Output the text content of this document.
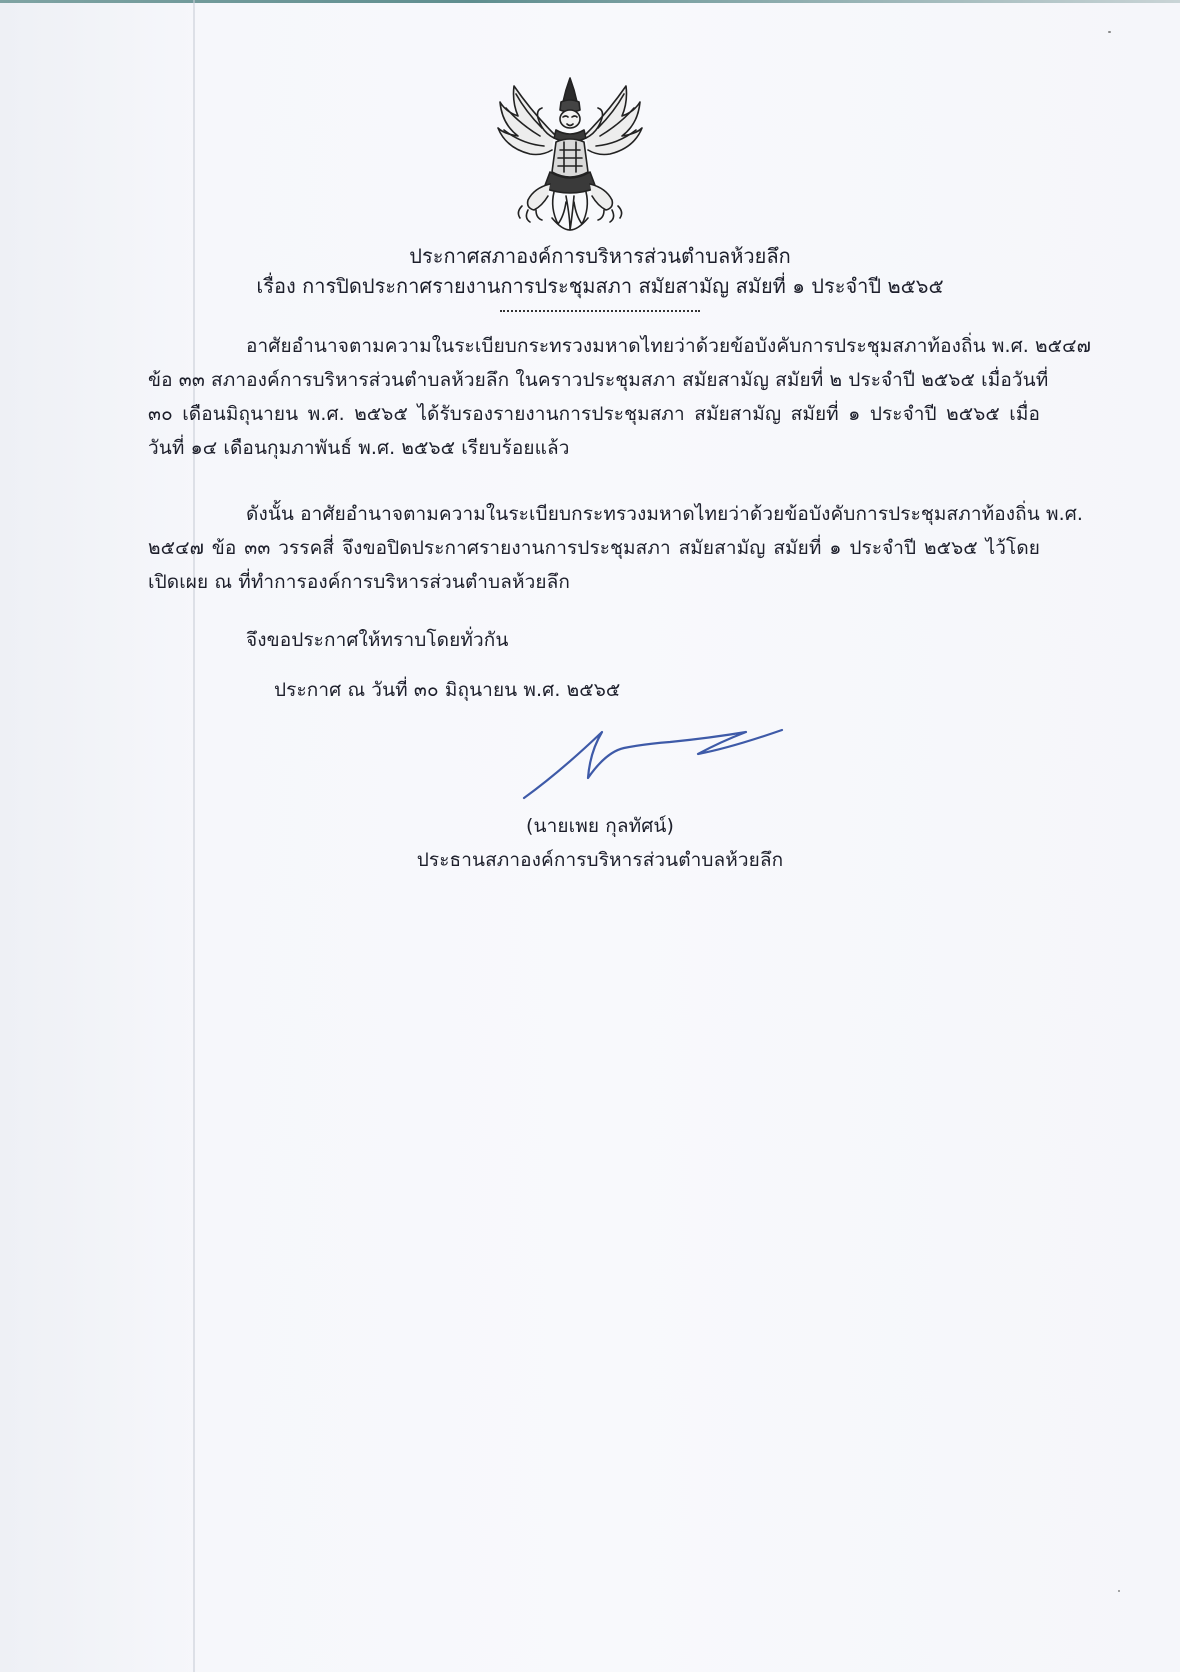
ประกาศสภาองค์การบริหารส่วนตำบลห้วยลึก
เรื่อง การปิดประกาศรายงานการประชุมสภา สมัยสามัญ สมัยที่ ๑ ประจำปี ๒๕๖๕
อาศัยอำนาจตามความในระเบียบกระทรวงมหาดไทยว่าด้วยข้อบังคับการประชุมสภาท้องถิ่น พ.ศ. ๒๕๔๗
ข้อ ๓๓ สภาองค์การบริหารส่วนตำบลห้วยลึก ในคราวประชุมสภา สมัยสามัญ สมัยที่ ๒ ประจำปี ๒๕๖๕ เมื่อวันที่
๓๐ เดือนมิถุนายน พ.ศ. ๒๕๖๕ ได้รับรองรายงานการประชุมสภา สมัยสามัญ สมัยที่ ๑ ประจำปี ๒๕๖๕ เมื่อ
วันที่ ๑๔ เดือนกุมภาพันธ์ พ.ศ. ๒๕๖๕ เรียบร้อยแล้ว
ดังนั้น อาศัยอำนาจตามความในระเบียบกระทรวงมหาดไทยว่าด้วยข้อบังคับการประชุมสภาท้องถิ่น พ.ศ.
๒๕๔๗ ข้อ ๓๓ วรรคสี่ จึงขอปิดประกาศรายงานการประชุมสภา สมัยสามัญ สมัยที่ ๑ ประจำปี ๒๕๖๕ ไว้โดย
เปิดเผย ณ ที่ทำการองค์การบริหารส่วนตำบลห้วยลึก
จึงขอประกาศให้ทราบโดยทั่วกัน
ประกาศ ณ วันที่ ๓๐ มิถุนายน พ.ศ. ๒๕๖๕
(นายเพย กุลทัศน์)
ประธานสภาองค์การบริหารส่วนตำบลห้วยลึก
